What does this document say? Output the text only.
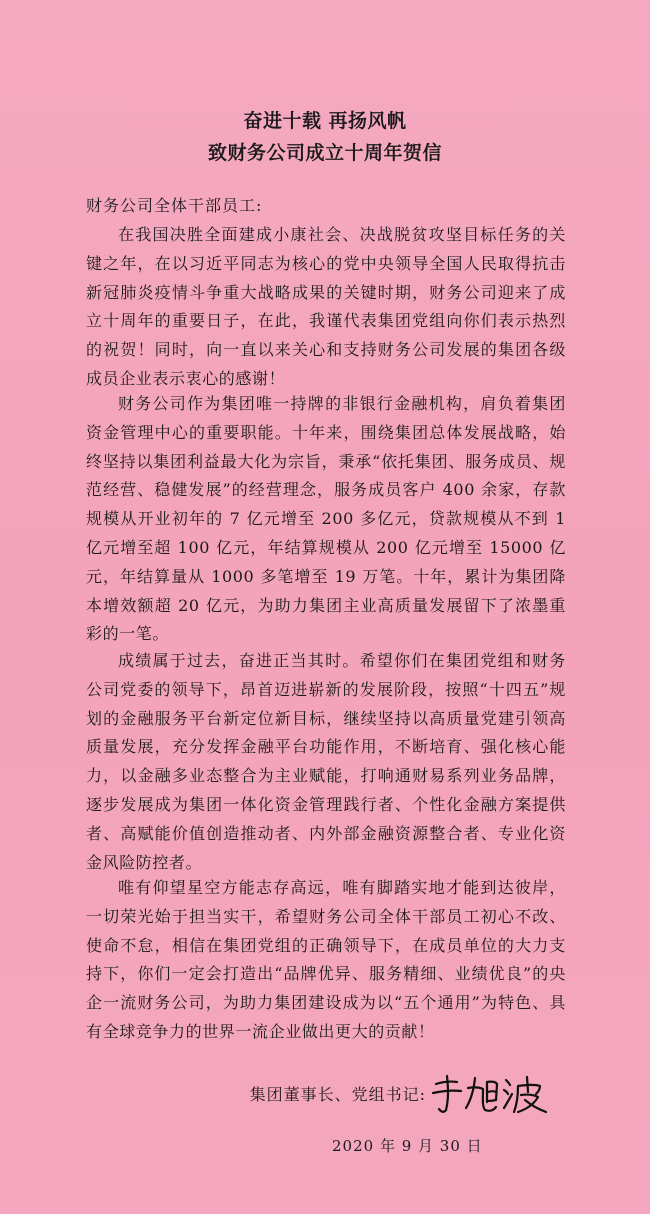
奋进十载 再扬风帆
致财务公司成立十周年贺信
财务公司全体干部员工:
在我国决胜全面建成小康社会、决战脱贫攻坚目标任务的关键之年，在以习近平同志为核心的党中央领导全国人民取得抗击新冠肺炎疫情斗争重大战略成果的关键时期，财务公司迎来了成立十周年的重要日子，在此，我谨代表集团党组向你们表示热烈的祝贺！同时，向一直以来关心和支持财务公司发展的集团各级成员企业表示衷心的感谢！
财务公司作为集团唯一持牌的非银行金融机构，肩负着集团资金管理中心的重要职能。十年来，围绕集团总体发展战略，始终坚持以集团利益最大化为宗旨，秉承“依托集团、服务成员、规范经营、稳健发展”的经营理念，服务成员客户 400 余家，存款规模从开业初年的 7 亿元增至 200 多亿元，贷款规模从不到 1 亿元增至超 100 亿元，年结算规模从 200 亿元增至 15000 亿元，年结算量从 1000 多笔增至 19 万笔。十年，累计为集团降本增效额超 20 亿元，为助力集团主业高质量发展留下了浓墨重彩的一笔。
成绩属于过去，奋进正当其时。希望你们在集团党组和财务公司党委的领导下，昂首迈进崭新的发展阶段，按照“十四五”规划的金融服务平台新定位新目标，继续坚持以高质量党建引领高质量发展，充分发挥金融平台功能作用，不断培育、强化核心能力，以金融多业态整合为主业赋能，打响通财易系列业务品牌，逐步发展成为集团一体化资金管理践行者、个性化金融方案提供者、高赋能价值创造推动者、内外部金融资源整合者、专业化资金风险防控者。
唯有仰望星空方能志存高远，唯有脚踏实地才能到达彼岸，一切荣光始于担当实干，希望财务公司全体干部员工初心不改、使命不怠，相信在集团党组的正确领导下，在成员单位的大力支持下，你们一定会打造出“品牌优异、服务精细、业绩优良”的央企一流财务公司，为助力集团建设成为以“五个通用”为特色、具有全球竞争力的世界一流企业做出更大的贡献！
集团董事长、党组书记:
2020 年 9 月 30 日
